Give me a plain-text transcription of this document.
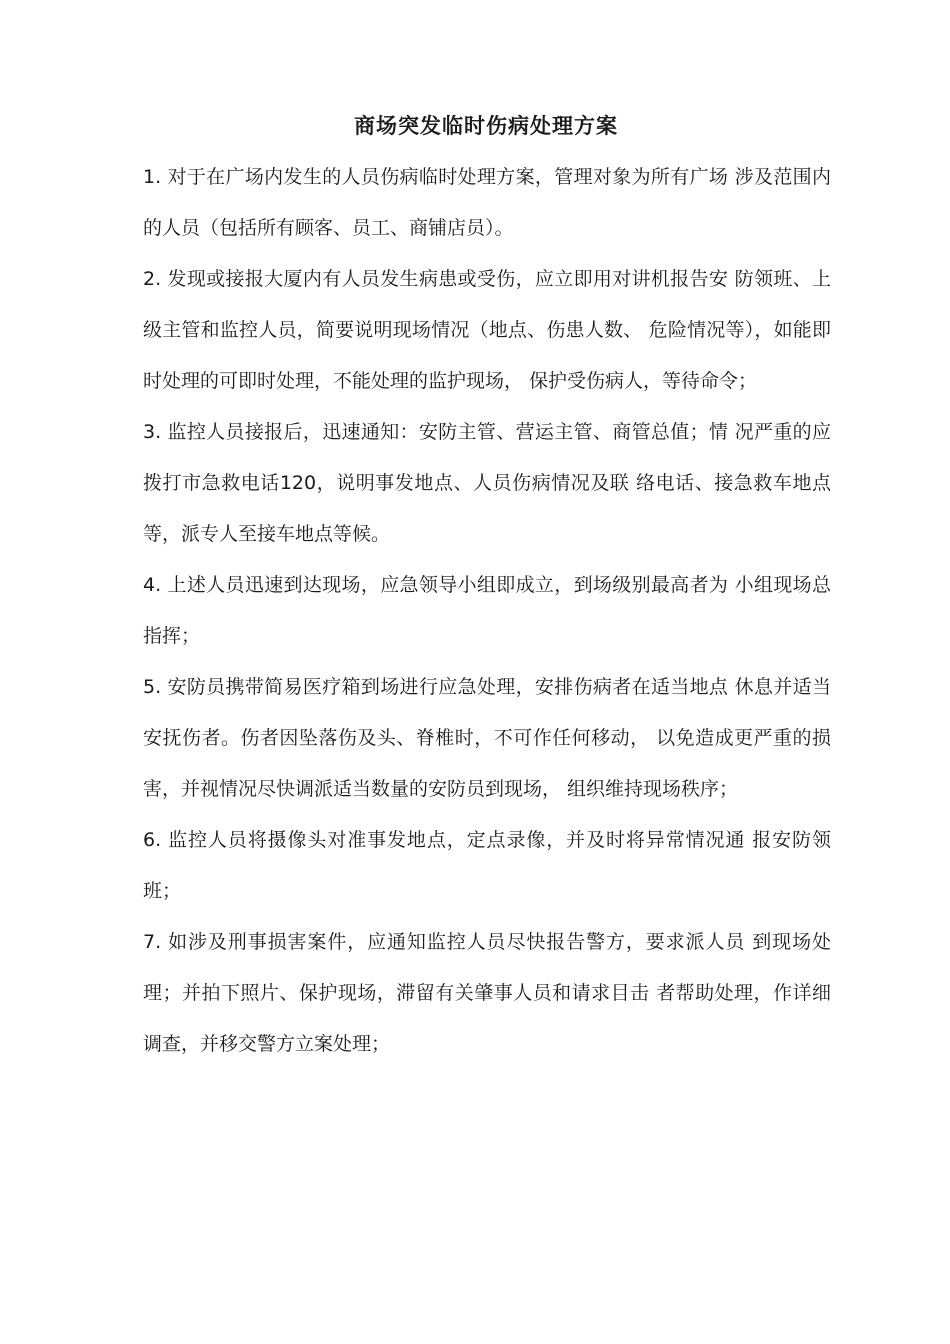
商场突发临时伤病处理方案

1. 对于在广场内发生的人员伤病临时处理方案，管理对象为所有广场 涉及范围内的人员（包括所有顾客、员工、商铺店员）。

2. 发现或接报大厦内有人员发生病患或受伤，应立即用对讲机报告安 防领班、上级主管和监控人员，简要说明现场情况（地点、伤患人数、 危险情况等），如能即时处理的可即时处理，不能处理的监护现场， 保护受伤病人，等待命令；

3. 监控人员接报后，迅速通知：安防主管、营运主管、商管总值；情 况严重的应拨打市急救电话120，说明事发地点、人员伤病情况及联 络电话、接急救车地点等，派专人至接车地点等候。

4. 上述人员迅速到达现场，应急领导小组即成立，到场级别最高者为 小组现场总指挥；

5. 安防员携带简易医疗箱到场进行应急处理，安排伤病者在适当地点 休息并适当安抚伤者。伤者因坠落伤及头、脊椎时，不可作任何移动， 以免造成更严重的损害，并视情况尽快调派适当数量的安防员到现场， 组织维持现场秩序；

6. 监控人员将摄像头对准事发地点，定点录像，并及时将异常情况通 报安防领班；

7. 如涉及刑事损害案件，应通知监控人员尽快报告警方，要求派人员 到现场处理；并拍下照片、保护现场，滞留有关肇事人员和请求目击 者帮助处理，作详细调查，并移交警方立案处理；
